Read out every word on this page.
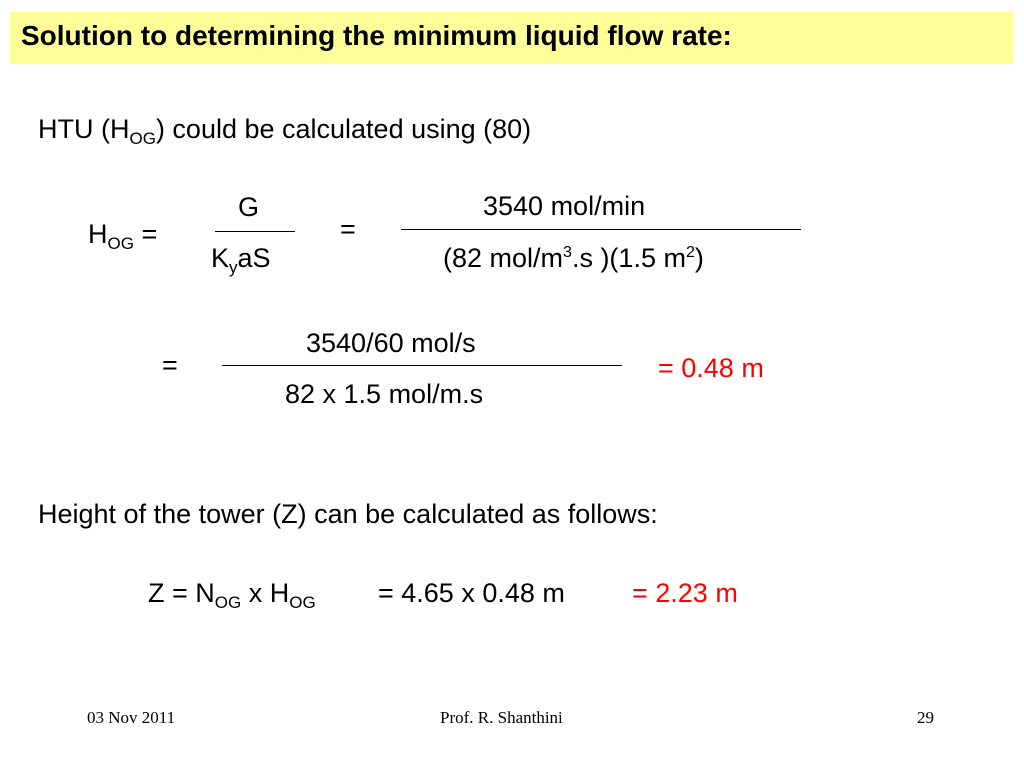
Solution to determining the minimum liquid flow rate:
HTU $(H_{OG})$ could be calculated using (80)
$H_{OG}$ =
G
$K_yaS$
=
3540 mol/min
(82 mol/$m^3.s$ )(1.5 $m^2$)
=
3540/60 mol/s
82 x 1.5 mol/m.s
= 0.48 m
Height of the tower (Z) can be calculated as follows:
$Z = N_{OG}$ x $H_{OG} = 4.65$ x 0.48 m = 2.23 m
03 Nov 2011	Prof. R. Shanthini	29
